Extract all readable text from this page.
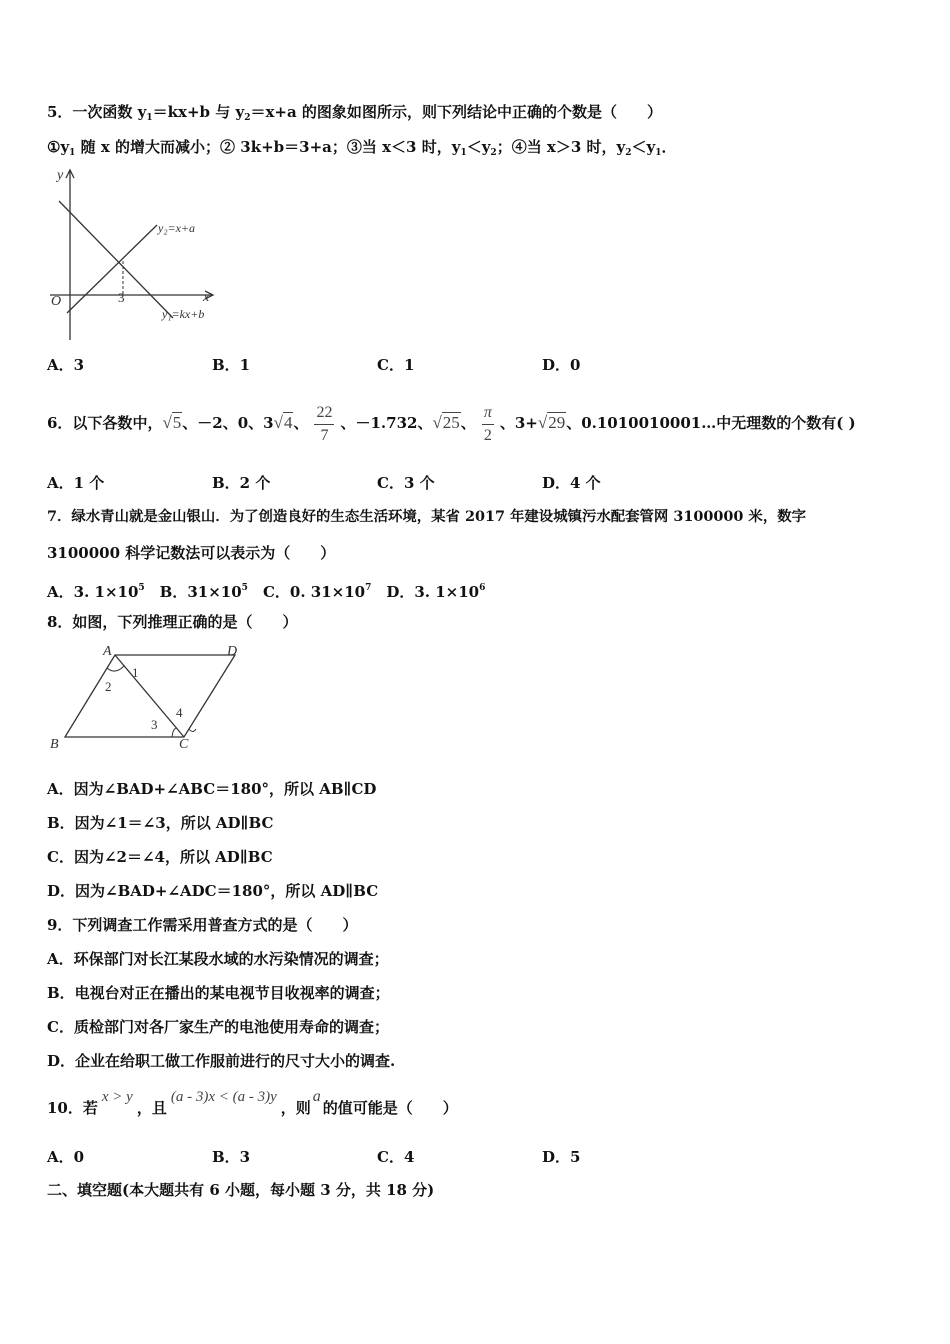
5．一次函数 $y_1=kx+b$ 与 $y_2=x+a$ 的图象如图所示，则下列结论中正确的个数是（　　）
$①y_1$ 随 x 的增大而减小；② 3k+b＝3+a；③当 x＜3 时，$y_1<y_2$；④当 x＞3 时，$y_2<y_1$．
y
x
O	3
y₂=x+a
y₁=kx+b
A．3	B．1	C．1	D．0
6．以下各数中，√5、－2、0、3√4、 $\frac{22}{7}$ 、－1.732、√25、 $\frac{\pi}{2}$ 、3+√29、0.1010010001…中无理数的个数有( )
A．1 个	B．2 个	C．3 个	D．4 个
7．绿水青山就是金山银山．为了创造良好的生态生活环境，某省 2017 年建设城镇污水配套管网 3100000 米，数字
3100000 科学记数法可以表示为（　　）
A．3. $1\times 10^5$　B．$31\times 10^5$　C．0. $31\times 10^7$　D．3. $1\times 10^6$
8．如图，下列推理正确的是（　　）
A	D
B	C
1
2
3
4
A．因为∠BAD+∠ABC＝180°，所以 AB∥CD
B．因为∠1＝∠3，所以 AD∥BC
C．因为∠2＝∠4，所以 AD∥BC
D．因为∠BAD+∠ADC＝180°，所以 AD∥BC
9．下列调查工作需采用普查方式的是（　　）
A．环保部门对长江某段水域的水污染情况的调查；
B．电视台对正在播出的某电视节目收视率的调查；
C．质检部门对各厂家生产的电池使用寿命的调查；
D．企业在给职工做工作服前进行的尺寸大小的调查.
10．若x > y，且(a - 3)x < (a - 3)y，则a的值可能是（　　）
A．0	B．3	C．4	D．5
二、填空题(本大题共有 6 小题，每小题 3 分，共 18 分)
